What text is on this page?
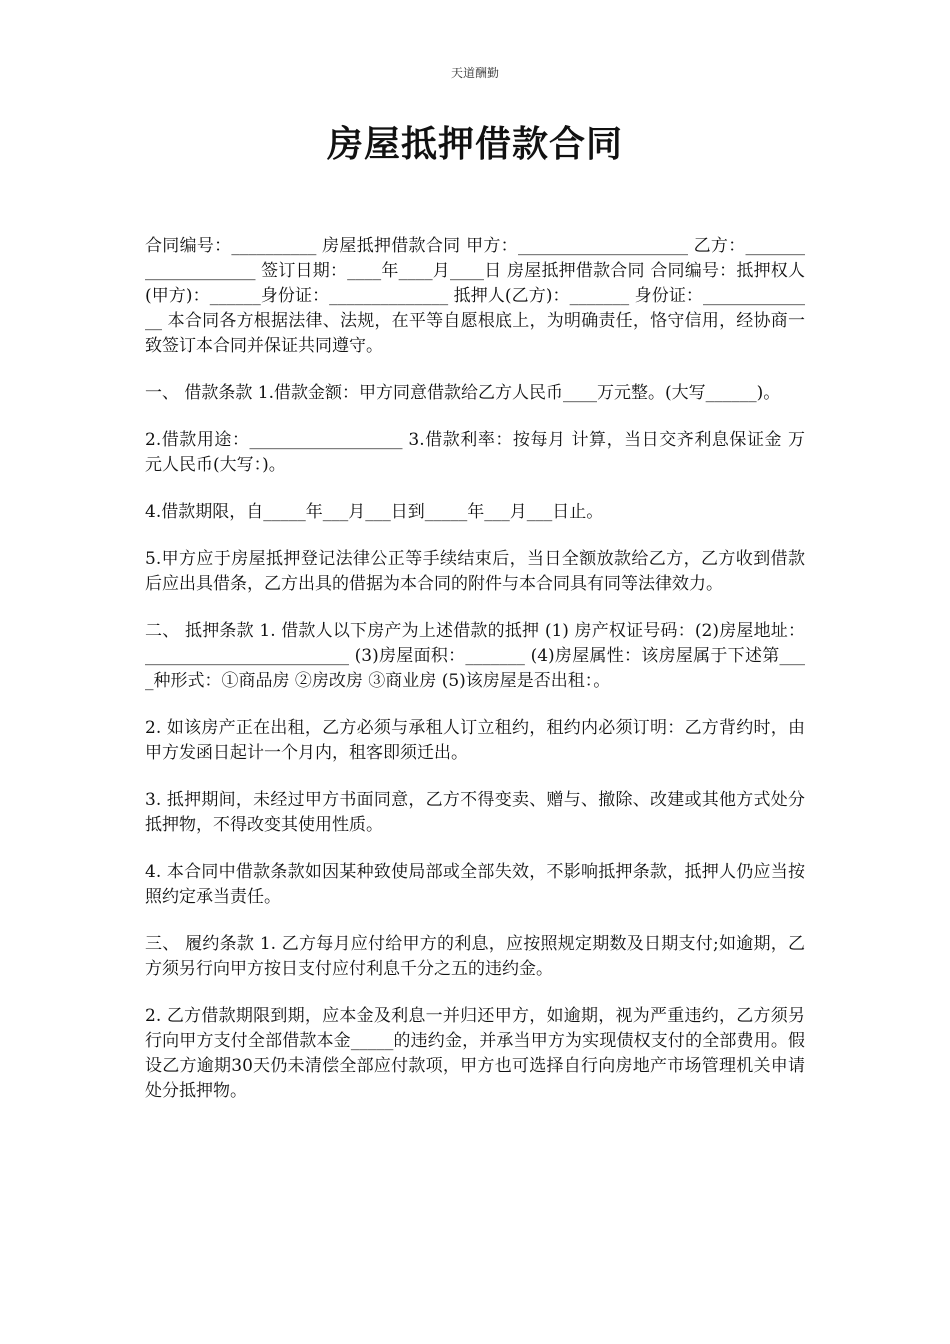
天道酬勤
房屋抵押借款合同

合同编号：__________ 房屋抵押借款合同 甲方：____________________ 乙方：____________________ 签订日期：____年____月____日 房屋抵押借款合同 合同编号：抵押权人(甲方)：______身份证：______________ 抵押人(乙方)：_______ 身份证：______________ 本合同各方根据法律、法规，在平等自愿根底上，为明确责任，恪守信用，经协商一致签订本合同并保证共同遵守。

一、 借款条款 1.借款金额：甲方同意借款给乙方人民币____万元整。(大写______)。

2.借款用途：__________________ 3.借款利率：按每月 计算，当日交齐利息保证金 万元人民币(大写：)。

4.借款期限，自_____年___月___日到_____年___月___日止。

5.甲方应于房屋抵押登记法律公正等手续结束后，当日全额放款给乙方，乙方收到借款后应出具借条，乙方出具的借据为本合同的附件与本合同具有同等法律效力。

二、 抵押条款 1. 借款人以下房产为上述借款的抵押 (1) 房产权证号码：(2)房屋地址：________________________ (3)房屋面积：_______ (4)房屋属性：该房屋属于下述第____种形式：①商品房 ②房改房 ③商业房 (5)该房屋是否出租：。

2. 如该房产正在出租，乙方必须与承租人订立租约，租约内必须订明：乙方背约时，由甲方发函日起计一个月内，租客即须迁出。

3. 抵押期间，未经过甲方书面同意，乙方不得变卖、赠与、撤除、改建或其他方式处分抵押物，不得改变其使用性质。

4. 本合同中借款条款如因某种致使局部或全部失效，不影响抵押条款，抵押人仍应当按照约定承当责任。

三、 履约条款 1. 乙方每月应付给甲方的利息，应按照规定期数及日期支付;如逾期，乙方须另行向甲方按日支付应付利息千分之五的违约金。

2. 乙方借款期限到期，应本金及利息一并归还甲方，如逾期，视为严重违约，乙方须另行向甲方支付全部借款本金_____的违约金，并承当甲方为实现债权支付的全部费用。假设乙方逾期30天仍未清偿全部应付款项，甲方也可选择自行向房地产市场管理机关申请处分抵押物。
